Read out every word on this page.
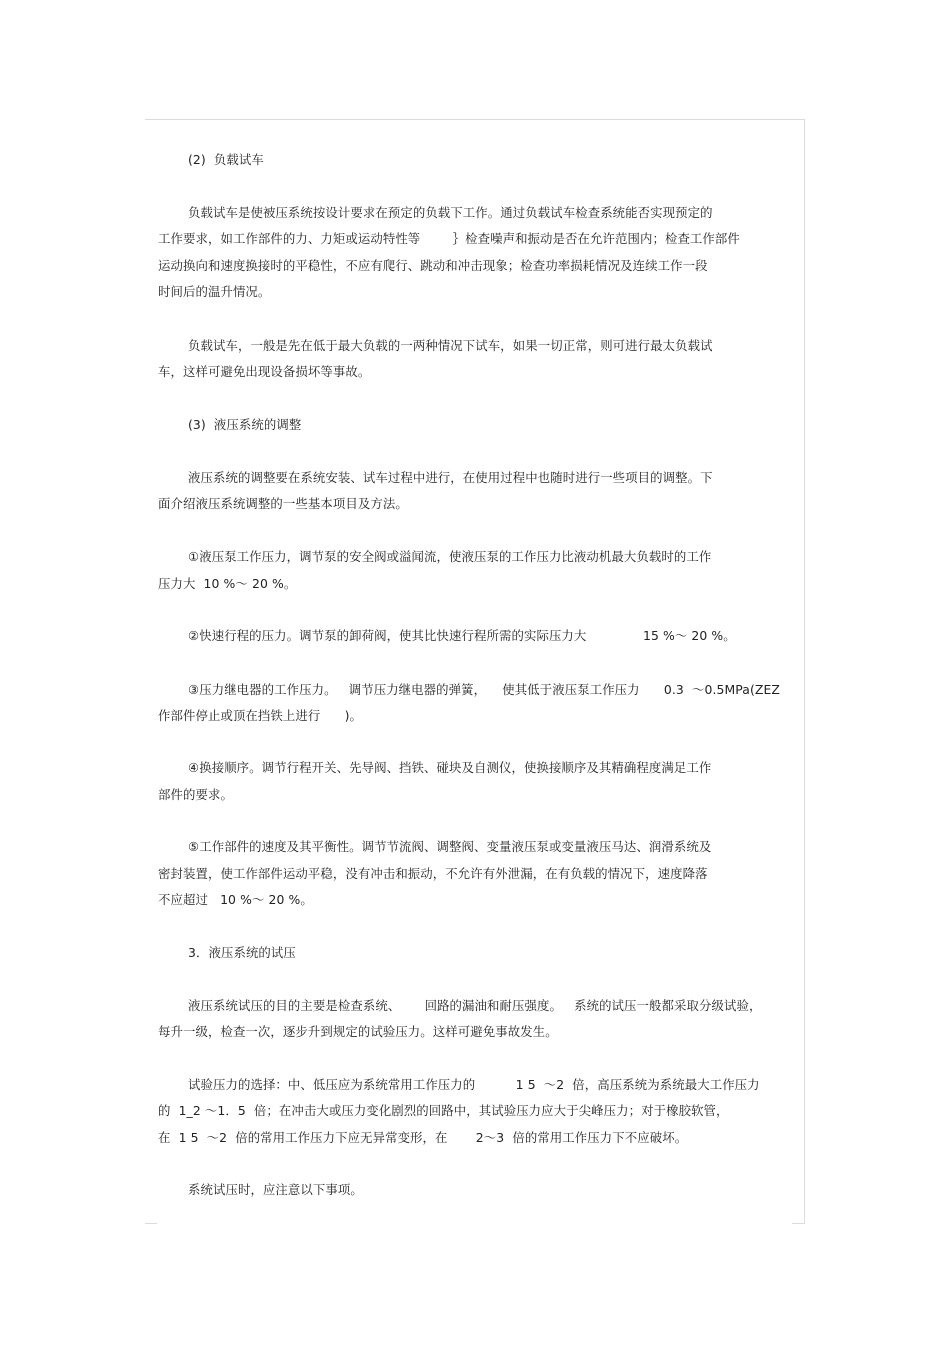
(2)  负载试车
负载试车是使被压系统按设计要求在预定的负载下工作。通过负载试车检查系统能否实现预定的
工作要求，如工作部件的力、力矩或运动特性等        ｝检查噪声和振动是否在允许范围内；检查工作部件
运动换向和速度换接时的平稳性，不应有爬行、跳动和冲击现象；检查功率损耗情况及连续工作一段
时间后的温升情况。
负载试车，一般是先在低于最大负载的一两种情况下试车，如果一切正常，则可进行最太负载试
车，这样可避免出现设备损坏等事故。
(3)  液压系统的调整
液压系统的调整要在系统安装、试车过程中进行，在使用过程中也随时进行一些项目的调整。下
面介绍液压系统调整的一些基本项目及方法。
①液压泵工作压力，调节泵的安全阀或溢闻流，使液压泵的工作压力比液动机最大负载时的工作
压力大  10 %～ 20 %。
②快速行程的压力。调节泵的卸荷阀，使其比快速行程所需的实际压力大              15 %～ 20 %。
③压力继电器的工作压力。   调节压力继电器的弹簧，    使其低于液压泵工作压力      0.3  ～0.5MPa(ZEZ
作部件停止或顶在挡铁上进行      )。
④换接顺序。调节行程开关、先导阀、挡铁、碰块及自测仪，使换接顺序及其精确程度满足工作
部件的要求。
⑤工作部件的速度及其平衡性。调节节流阀、调整阀、变量液压泵或变量液压马达、润滑系统及
密封装置，使工作部件运动平稳，没有冲击和振动，不允许有外泄漏，在有负载的情况下，速度降落
不应超过   10 %～ 20 %。
3．液压系统的试压
液压系统试压的目的主要是检查系统、      回路的漏油和耐压强度。   系统的试压一般都采取分级试验，
每升一级，检查一次，逐步升到规定的试验压力。这样可避免事故发生。
试验压力的选择：中、低压应为系统常用工作压力的          1 5  ～2  倍，高压系统为系统最大工作压力
的  1_2 ～1．5  倍；在冲击大或压力变化剧烈的回路中，其试验压力应大于尖峰压力；对于橡胶软管，
在  1 5  ～2  倍的常用工作压力下应无异常变形，在       2～3  倍的常用工作压力下不应破坏。
系统试压时，应注意以下事项。
